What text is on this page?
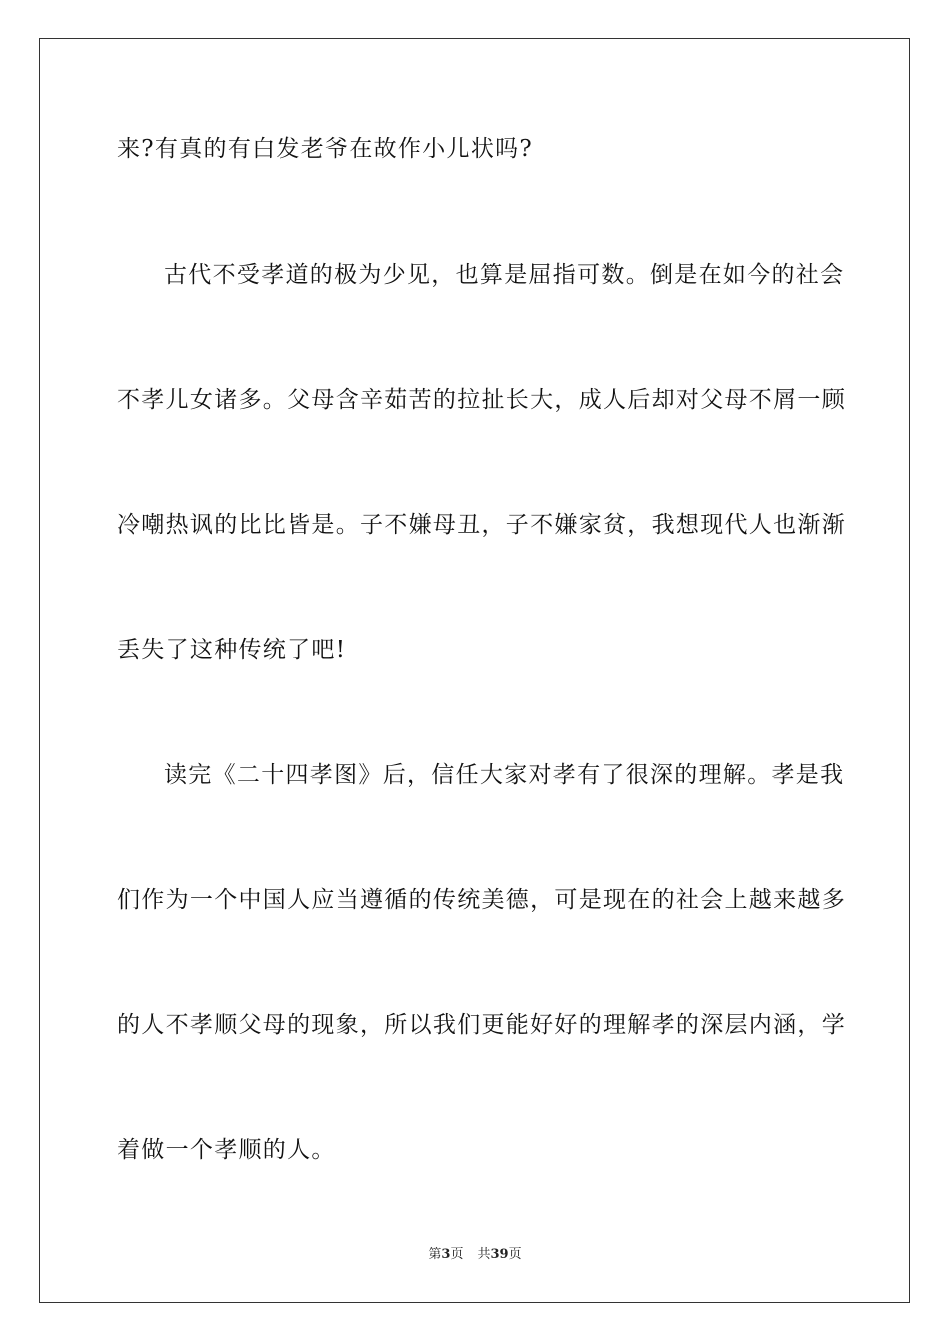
来?有真的有白发老爷在故作小儿状吗?
古代不受孝道的极为少见，也算是屈指可数。倒是在如今的社会
不孝儿女诸多。父母含辛茹苦的拉扯长大，成人后却对父母不屑一顾
冷嘲热讽的比比皆是。子不嫌母丑，子不嫌家贫，我想现代人也渐渐
丢失了这种传统了吧!
读完《二十四孝图》后，信任大家对孝有了很深的理解。孝是我
们作为一个中国人应当遵循的传统美德，可是现在的社会上越来越多
的人不孝顺父母的现象，所以我们更能好好的理解孝的深层内涵，学
着做一个孝顺的人。
第3页 共39页
